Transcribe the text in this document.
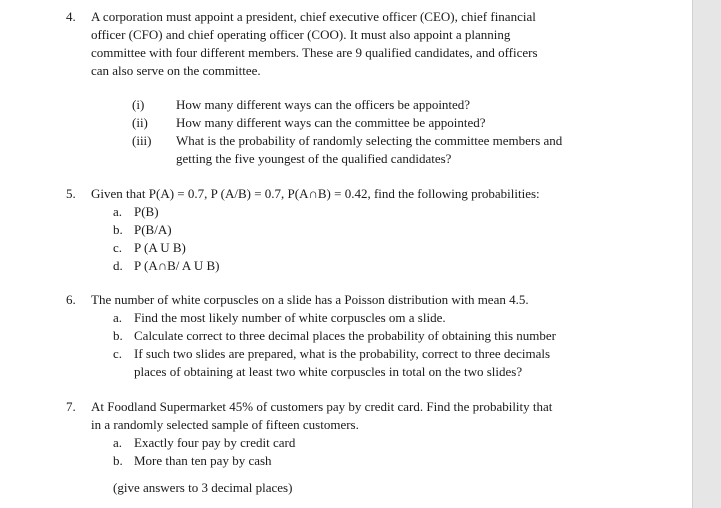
4. A corporation must appoint a president, chief executive officer (CEO), chief financial
officer (CFO) and chief operating officer (COO). It must also appoint a planning
committee with four different members. These are 9 qualified candidates, and officers
can also serve on the committee.
(i) How many different ways can the officers be appointed?
(ii) How many different ways can the committee be appointed?
(iii) What is the probability of randomly selecting the committee members and
getting the five youngest of the qualified candidates?
5. Given that P(A) = 0.7, P (A/B) = 0.7, P(A∩B) = 0.42, find the following probabilities:
a. P(B)
b. P(B/A)
c. P (A U B)
d. P (A∩B/ A U B)
6. The number of white corpuscles on a slide has a Poisson distribution with mean 4.5.
a. Find the most likely number of white corpuscles om a slide.
b. Calculate correct to three decimal places the probability of obtaining this number
c. If such two slides are prepared, what is the probability, correct to three decimals
places of obtaining at least two white corpuscles in total on the two slides?
7. At Foodland Supermarket 45% of customers pay by credit card. Find the probability that
in a randomly selected sample of fifteen customers.
a. Exactly four pay by credit card
b. More than ten pay by cash
(give answers to 3 decimal places)
